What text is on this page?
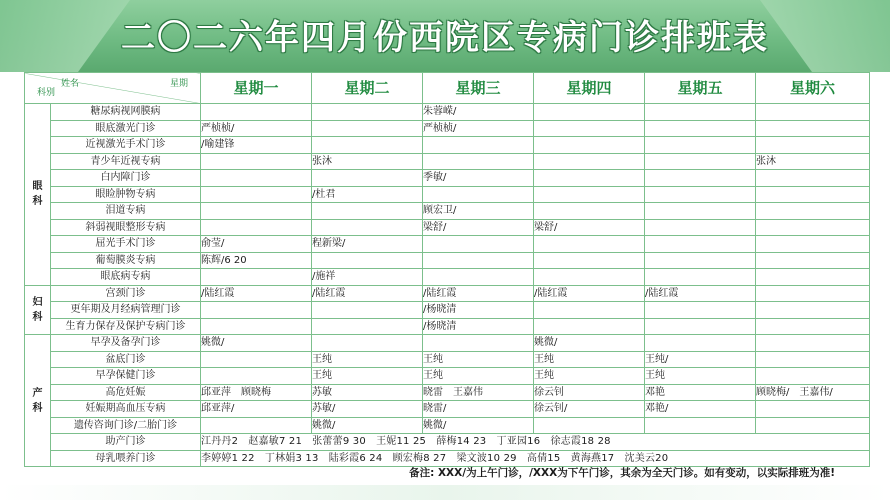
二〇二六年四月份西院区专病门诊排班表
姓名 星期
科别		星期一	星期二	星期三	星期四	星期五	星期六

眼
科	糖尿病视网膜病			朱蓉嵘/			
	眼底激光门诊	严桢桢/		严桢桢/			
	近视激光手术门诊	/喻建锋					
	青少年近视专病		张沐				张沐
	白内障门诊			季敏/			
	眼睑肿物专病		/杜君				
	泪道专病			顾宏卫/			
	斜弱视眼整形专病			梁舒/	梁舒/		
	屈光手术门诊	俞莹/	程新梁/				
	葡萄膜炎专病	陈辉/6 20					
	眼底病专病		/施祥				

妇
科	宫颈门诊	/陆红霞	/陆红霞	/陆红霞	/陆红霞	/陆红霞	
	更年期及月经病管理门诊			/杨晓清			
	生育力保存及保护专病门诊			/杨晓清			

产
科	早孕及备孕门诊	姚微/			姚微/		
	盆底门诊		王纯	王纯	王纯	王纯/	
	早孕保健门诊		王纯	王纯	王纯	王纯	
	高危妊娠	邱亚萍　顾晓梅	苏敏	晓雷　王嘉伟	徐云钊	邓艳	顾晓梅/　王嘉伟/
	妊娠期高血压专病	邱亚萍/	苏敏/	晓雷/	徐云钊/	邓艳/	
	遗传咨询门诊/二胎门诊		姚微/	姚微/			
	助产门诊	江丹丹2　赵嘉敏7 21　张蕾蕾9 30　王妮11 25　薛梅14 23　丁亚园16　徐志霞18 28					
	母乳喂养门诊	李婷婷1 22　丁林娟3 13　陆彩霞6 24　顾宏梅8 27　梁文波10 29　高倩15　黄海燕17　沈美云20					
备注: XXX/为上午门诊，/XXX为下午门诊，其余为全天门诊。如有变动，以实际排班为准!
